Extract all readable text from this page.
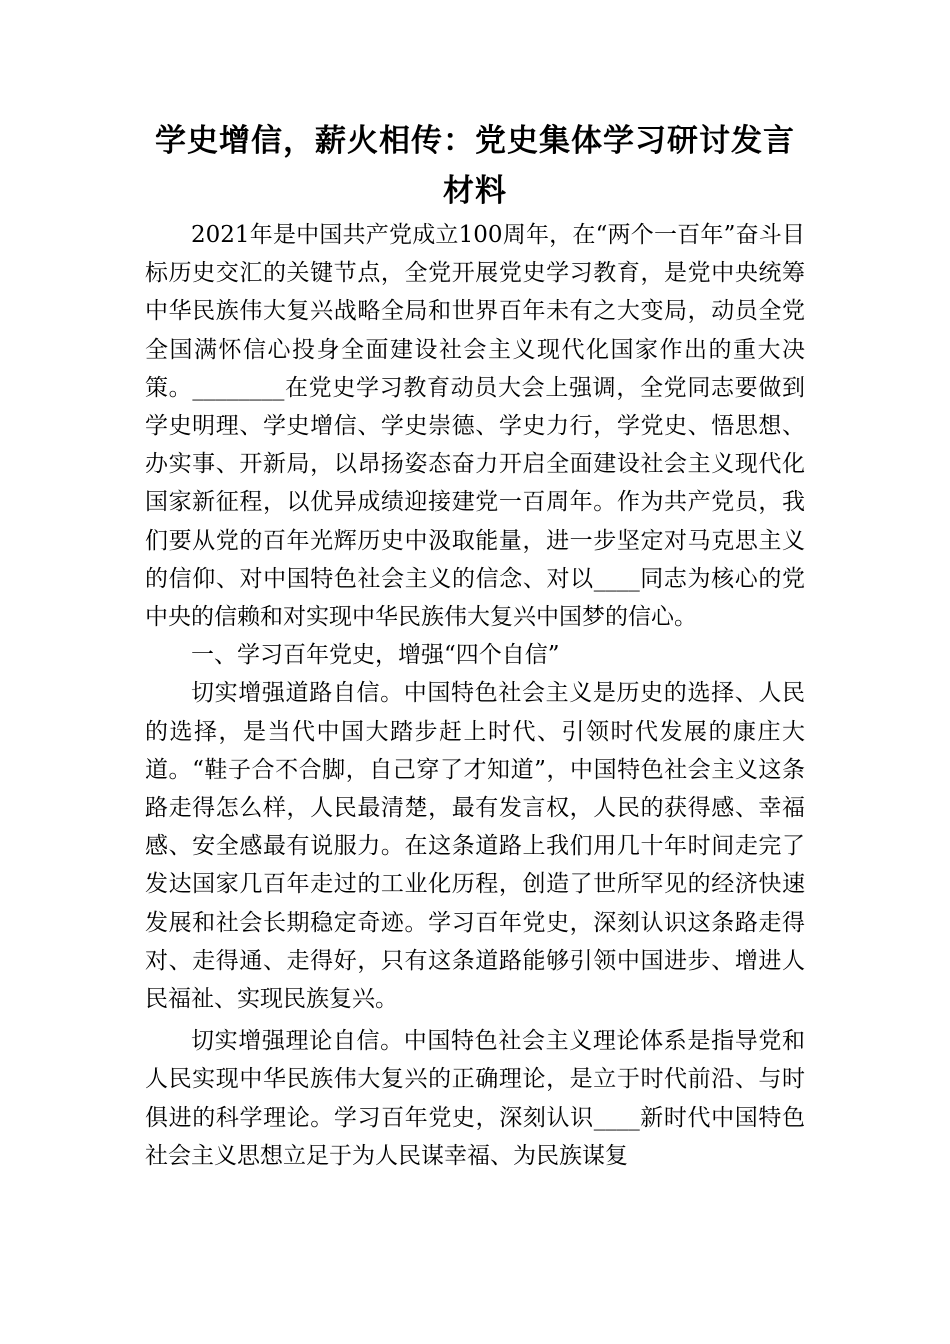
学史增信，薪火相传：党史集体学习研讨发言材料

2021年是中国共产党成立100周年，在“两个一百年”奋斗目标历史交汇的关键节点，全党开展党史学习教育，是党中央统筹中华民族伟大复兴战略全局和世界百年未有之大变局，动员全党全国满怀信心投身全面建设社会主义现代化国家作出的重大决策。________在党史学习教育动员大会上强调，全党同志要做到学史明理、学史增信、学史崇德、学史力行，学党史、悟思想、办实事、开新局，以昂扬姿态奋力开启全面建设社会主义现代化国家新征程，以优异成绩迎接建党一百周年。作为共产党员，我们要从党的百年光辉历史中汲取能量，进一步坚定对马克思主义的信仰、对中国特色社会主义的信念、对以____同志为核心的党中央的信赖和对实现中华民族伟大复兴中国梦的信心。

一、学习百年党史，增强“四个自信”

切实增强道路自信。中国特色社会主义是历史的选择、人民的选择，是当代中国大踏步赶上时代、引领时代发展的康庄大道。“鞋子合不合脚，自己穿了才知道”，中国特色社会主义这条路走得怎么样，人民最清楚，最有发言权，人民的获得感、幸福感、安全感最有说服力。在这条道路上我们用几十年时间走完了发达国家几百年走过的工业化历程，创造了世所罕见的经济快速发展和社会长期稳定奇迹。学习百年党史，深刻认识这条路走得对、走得通、走得好，只有这条道路能够引领中国进步、增进人民福祉、实现民族复兴。

切实增强理论自信。中国特色社会主义理论体系是指导党和人民实现中华民族伟大复兴的正确理论，是立于时代前沿、与时俱进的科学理论。学习百年党史，深刻认识____新时代中国特色社会主义思想立足于为人民谋幸福、为民族谋复
